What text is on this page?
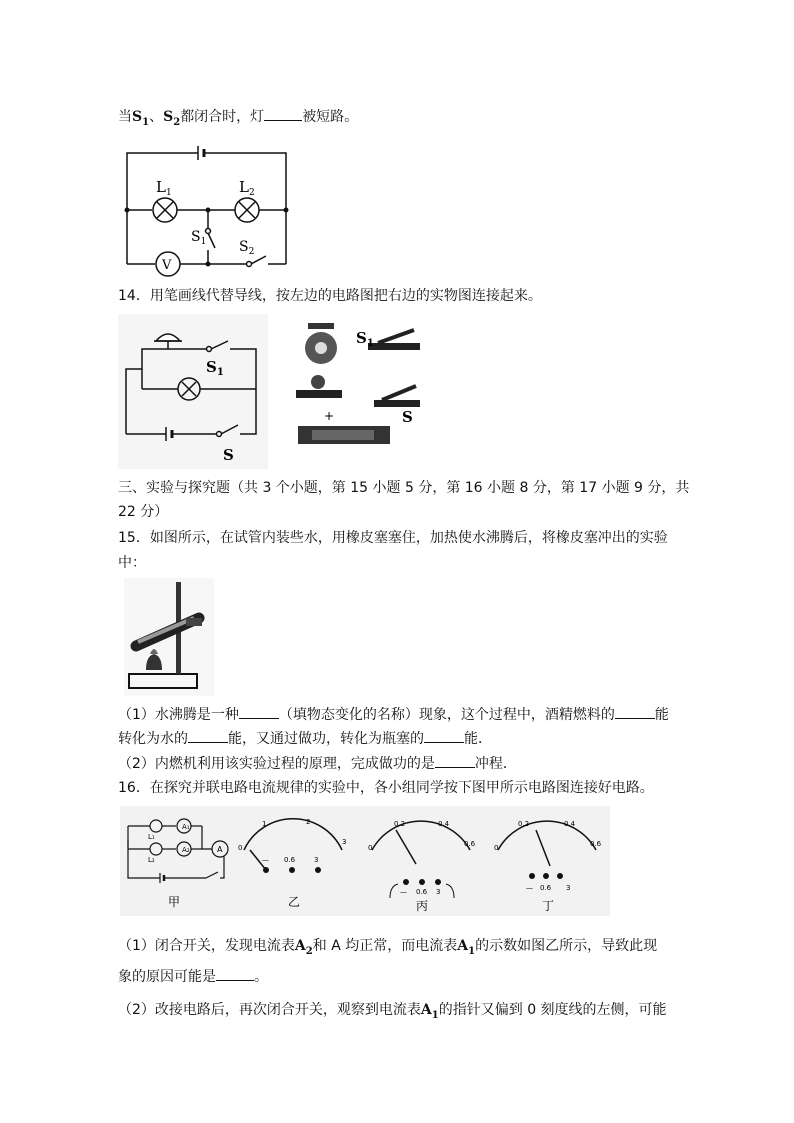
当$S_1$、$S_2$都闭合时，灯	被短路。
$L_1$	$L_2$
$S_1$ $S_2$
V
14．用笔画线代替导线，按左边的电路图把右边的实物图连接起来。
$S_1$
S
$S_1$
S
+
三、实验与探究题（共 3 个小题，第 15 小题 5 分，第 16 小题 8 分，第 17 小题 9 分，共
22 分）
15．如图所示，在试管内装些水，用橡皮塞塞住，加热使水沸腾后，将橡皮塞冲出的实验
中：
（1）水沸腾是一种	（填物态变化的名称）现象，这个过程中，酒精燃料的	能
转化为水的	能，又通过做功，转化为瓶塞的	能．
（2）内燃机利用该实验过程的原理，完成做功的是	冲程．
16．在探究并联电路电流规律的实验中，各小组同学按下图甲所示电路图连接好电路。
A₁
A₂	A
L₁
L₂
甲
0
1	2
3
— 0.6	3
乙
0
0.2	0.4
0.6
— 0.6 3
丙
0
0.2	0.4
0.6
— 0.6 3
丁
（1）闭合开关，发现电流表$A_2$和 A 均正常，而电流表$A_1$的示数如图乙所示，导致此现
象的原因可能是	。
（2）改接电路后，再次闭合开关，观察到电流表$A_1$的指针又偏到 0 刻度线的左侧，可能
